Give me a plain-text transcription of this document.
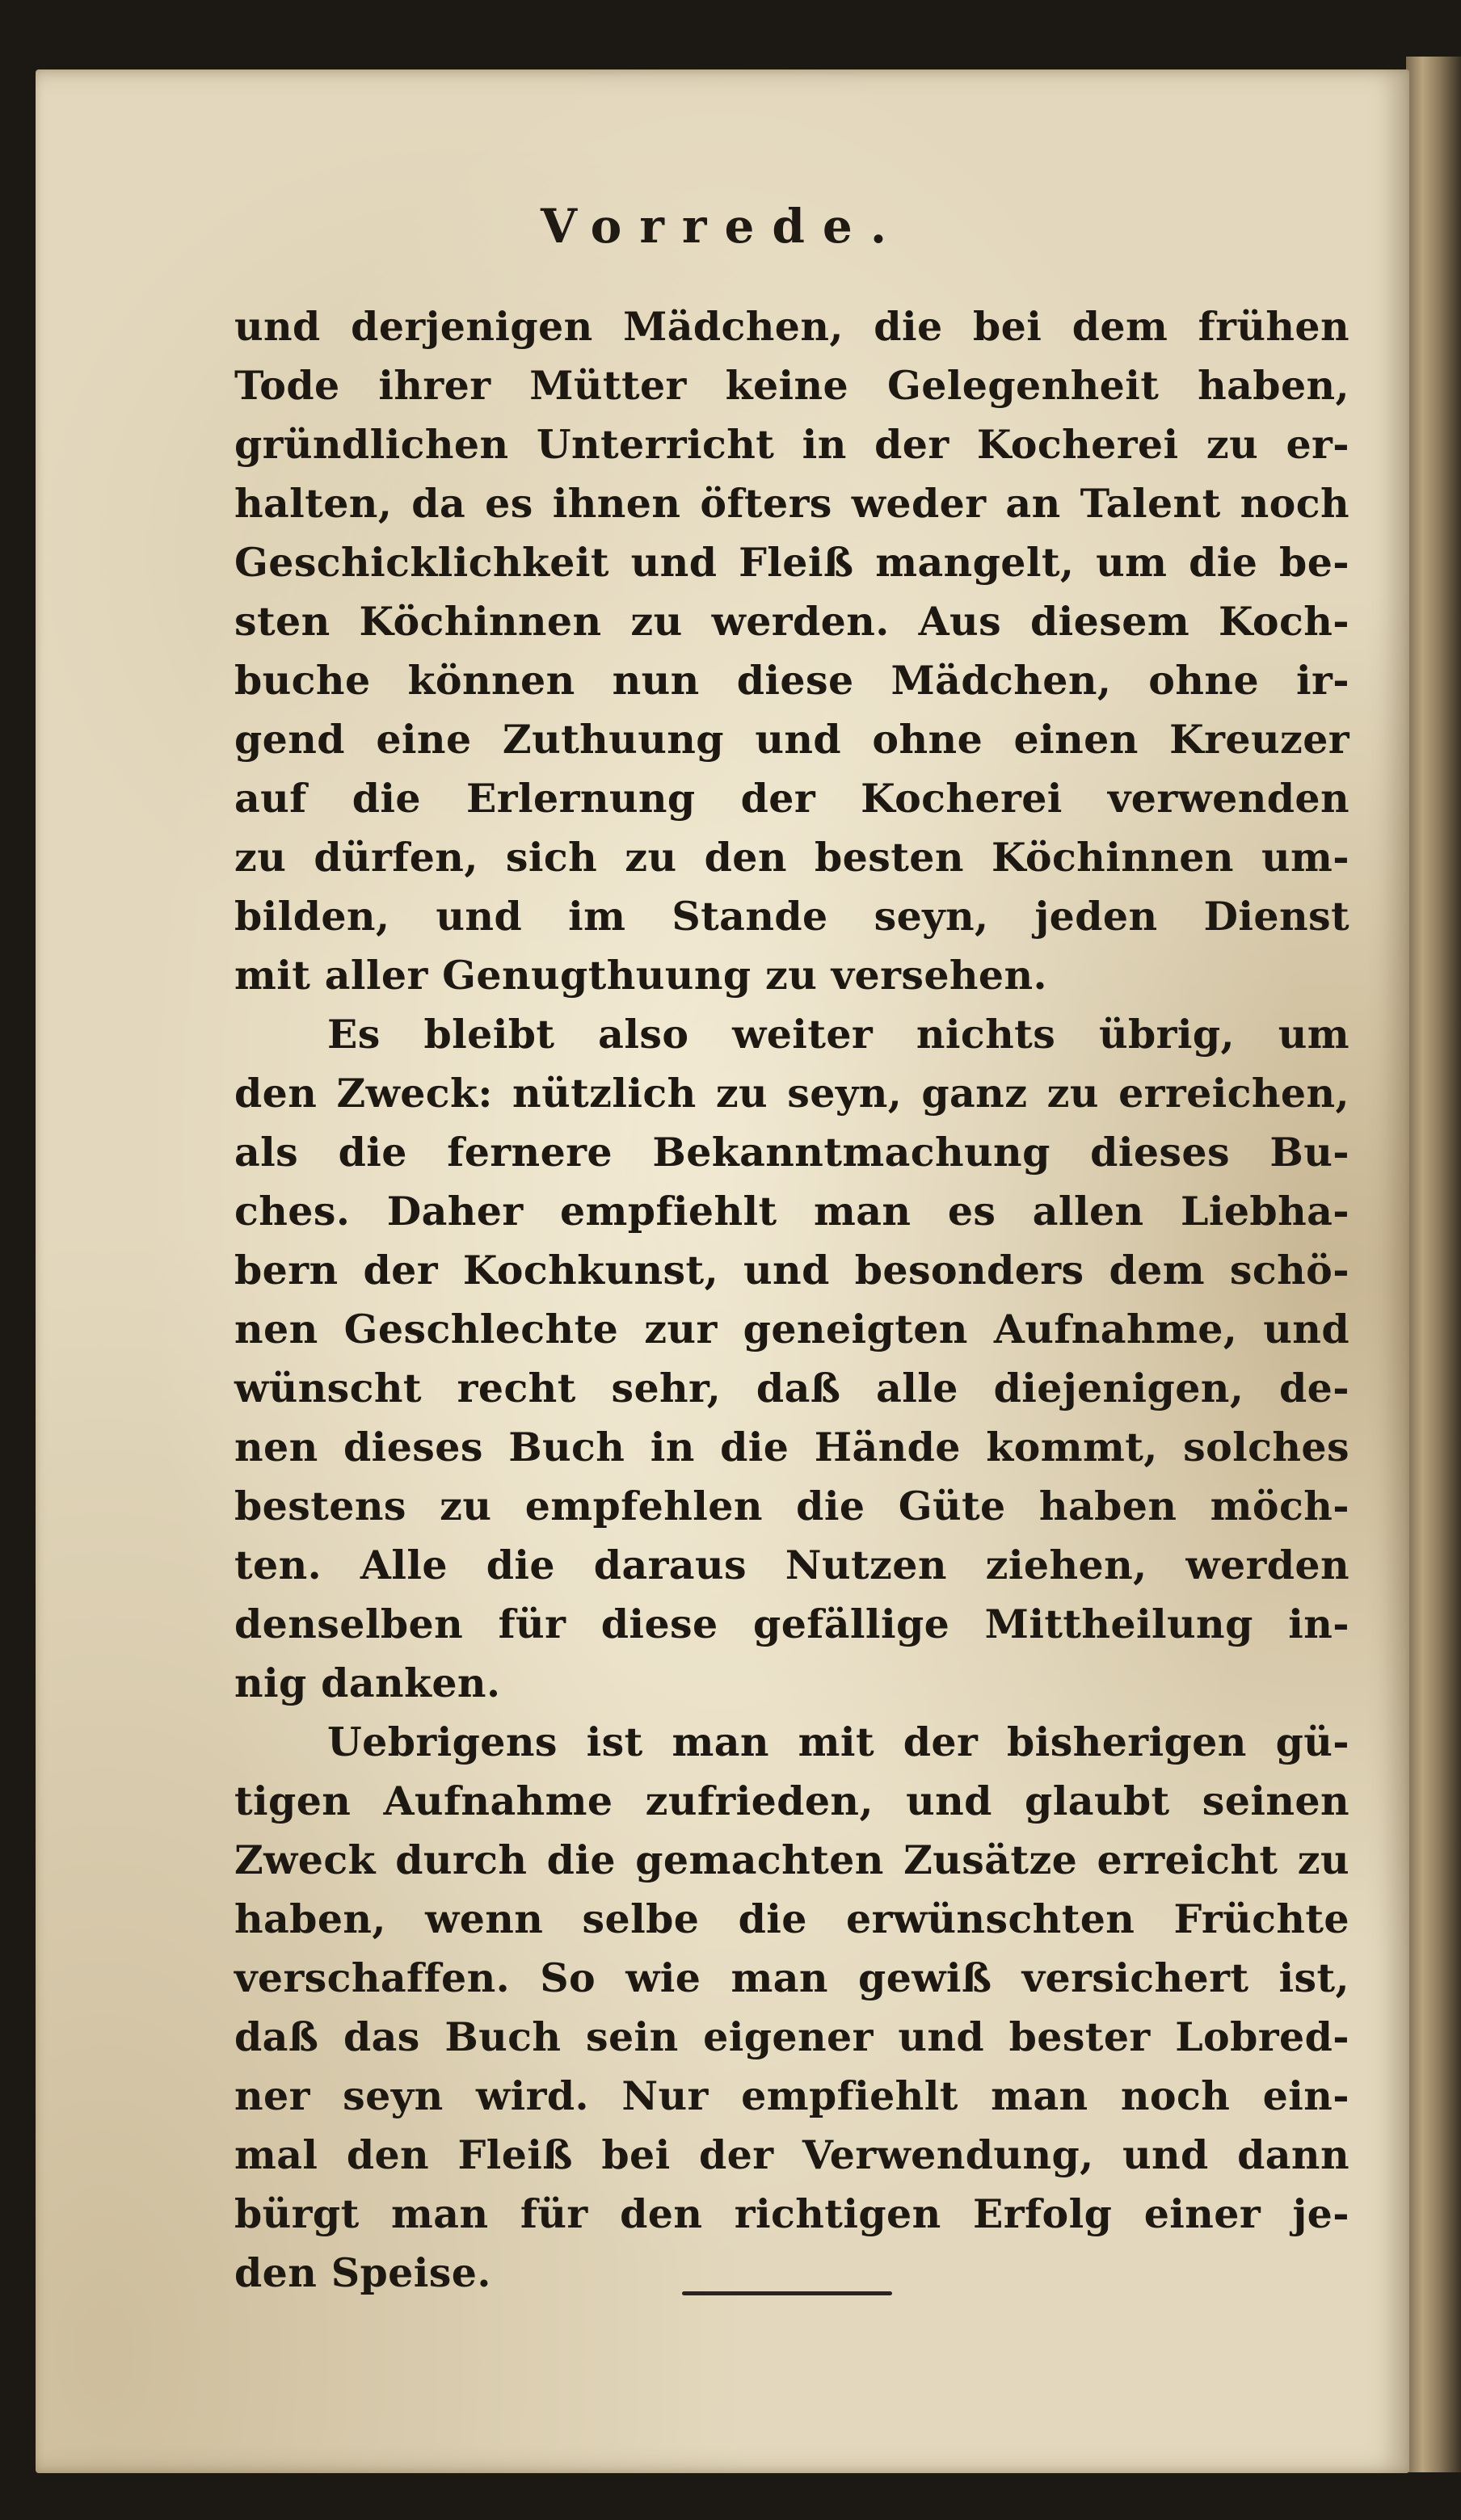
Vorrede.
und derjenigen Mädchen, die bei dem frühen
Tode ihrer Mütter keine Gelegenheit haben,
gründlichen Unterricht in der Kocherei zu er-
halten, da es ihnen öfters weder an Talent noch
Geschicklichkeit und Fleiß mangelt, um die be-
sten Köchinnen zu werden. Aus diesem Koch-
buche können nun diese Mädchen, ohne ir-
gend eine Zuthuung und ohne einen Kreuzer
auf die Erlernung der Kocherei verwenden
zu dürfen, sich zu den besten Köchinnen um-
bilden, und im Stande seyn, jeden Dienst
mit aller Genugthuung zu versehen.
Es bleibt also weiter nichts übrig, um
den Zweck: nützlich zu seyn, ganz zu erreichen,
als die fernere Bekanntmachung dieses Bu-
ches. Daher empfiehlt man es allen Liebha-
bern der Kochkunst, und besonders dem schö-
nen Geschlechte zur geneigten Aufnahme, und
wünscht recht sehr, daß alle diejenigen, de-
nen dieses Buch in die Hände kommt, solches
bestens zu empfehlen die Güte haben möch-
ten. Alle die daraus Nutzen ziehen, werden
denselben für diese gefällige Mittheilung in-
nig danken.
Uebrigens ist man mit der bisherigen gü-
tigen Aufnahme zufrieden, und glaubt seinen
Zweck durch die gemachten Zusätze erreicht zu
haben, wenn selbe die erwünschten Früchte
verschaffen. So wie man gewiß versichert ist,
daß das Buch sein eigener und bester Lobred-
ner seyn wird. Nur empfiehlt man noch ein-
mal den Fleiß bei der Verwendung, und dann
bürgt man für den richtigen Erfolg einer je-
den Speise.
